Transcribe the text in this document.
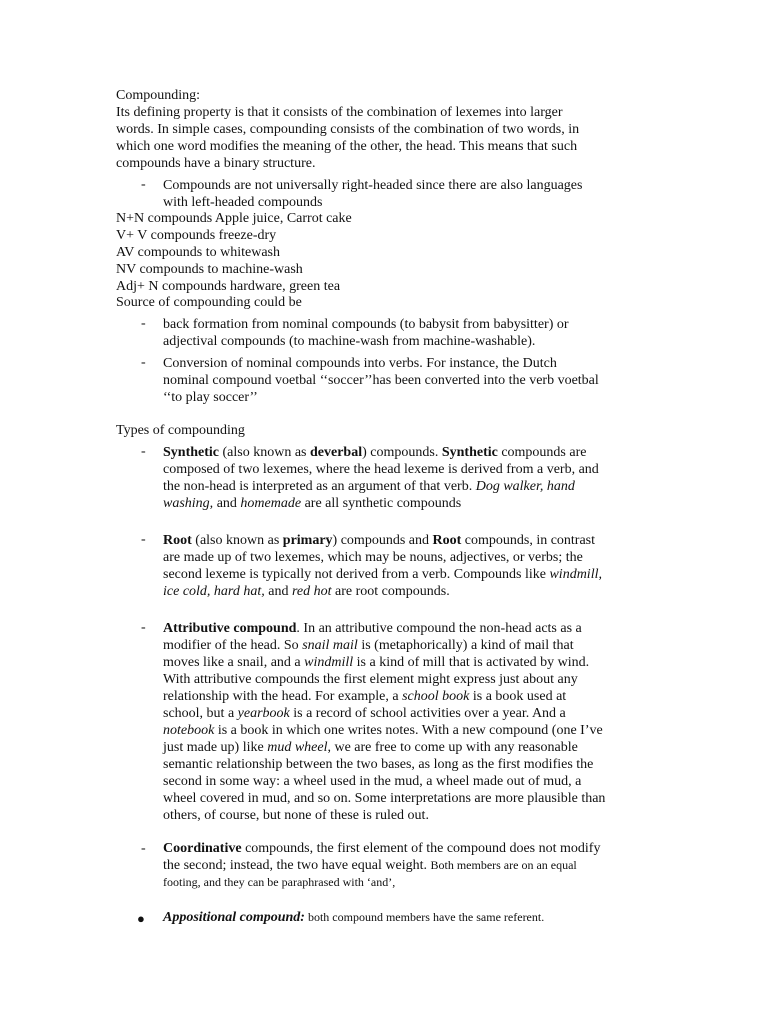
Compounding:

Its defining property is that it consists of the combination of lexemes into larger

words. In simple cases, compounding consists of the combination of two words, in

which one word modifies the meaning of the other, the head. This means that such

compounds have a binary structure.

- Compounds are not universally right-headed since there are also languages

with left-headed compounds

N+N compounds Apple juice, Carrot cake

V+ V compounds freeze-dry

AV compounds to whitewash

NV compounds to machine-wash

Adj+ N compounds hardware, green tea

Source of compounding could be

- back formation from nominal compounds (to babysit from babysitter) or

adjectival compounds (to machine-wash from machine-washable).

- Conversion of nominal compounds into verbs. For instance, the Dutch

nominal compound voetbal ‘‘soccer’’has been converted into the verb voetbal

‘‘to play soccer’’

Types of compounding

- Synthetic (also known as deverbal) compounds. Synthetic compounds are

composed of two lexemes, where the head lexeme is derived from a verb, and

the non-head is interpreted as an argument of that verb. Dog walker, hand

washing, and homemade are all synthetic compounds

- Root (also known as primary) compounds and Root compounds, in contrast

are made up of two lexemes, which may be nouns, adjectives, or verbs; the

second lexeme is typically not derived from a verb. Compounds like windmill,

ice cold, hard hat, and red hot are root compounds.

- Attributive compound. In an attributive compound the non-head acts as a

modifier of the head. So snail mail is (metaphorically) a kind of mail that

moves like a snail, and a windmill is a kind of mill that is activated by wind.

With attributive compounds the first element might express just about any

relationship with the head. For example, a school book is a book used at

school, but a yearbook is a record of school activities over a year. And a

notebook is a book in which one writes notes. With a new compound (one I’ve

just made up) like mud wheel, we are free to come up with any reasonable

semantic relationship between the two bases, as long as the first modifies the

second in some way: a wheel used in the mud, a wheel made out of mud, a

wheel covered in mud, and so on. Some interpretations are more plausible than

others, of course, but none of these is ruled out.

- Coordinative compounds, the first element of the compound does not modify

the second; instead, the two have equal weight. Both members are on an equal

footing, and they can be paraphrased with ‘and’,

● Appositional compound: both compound members have the same referent.
